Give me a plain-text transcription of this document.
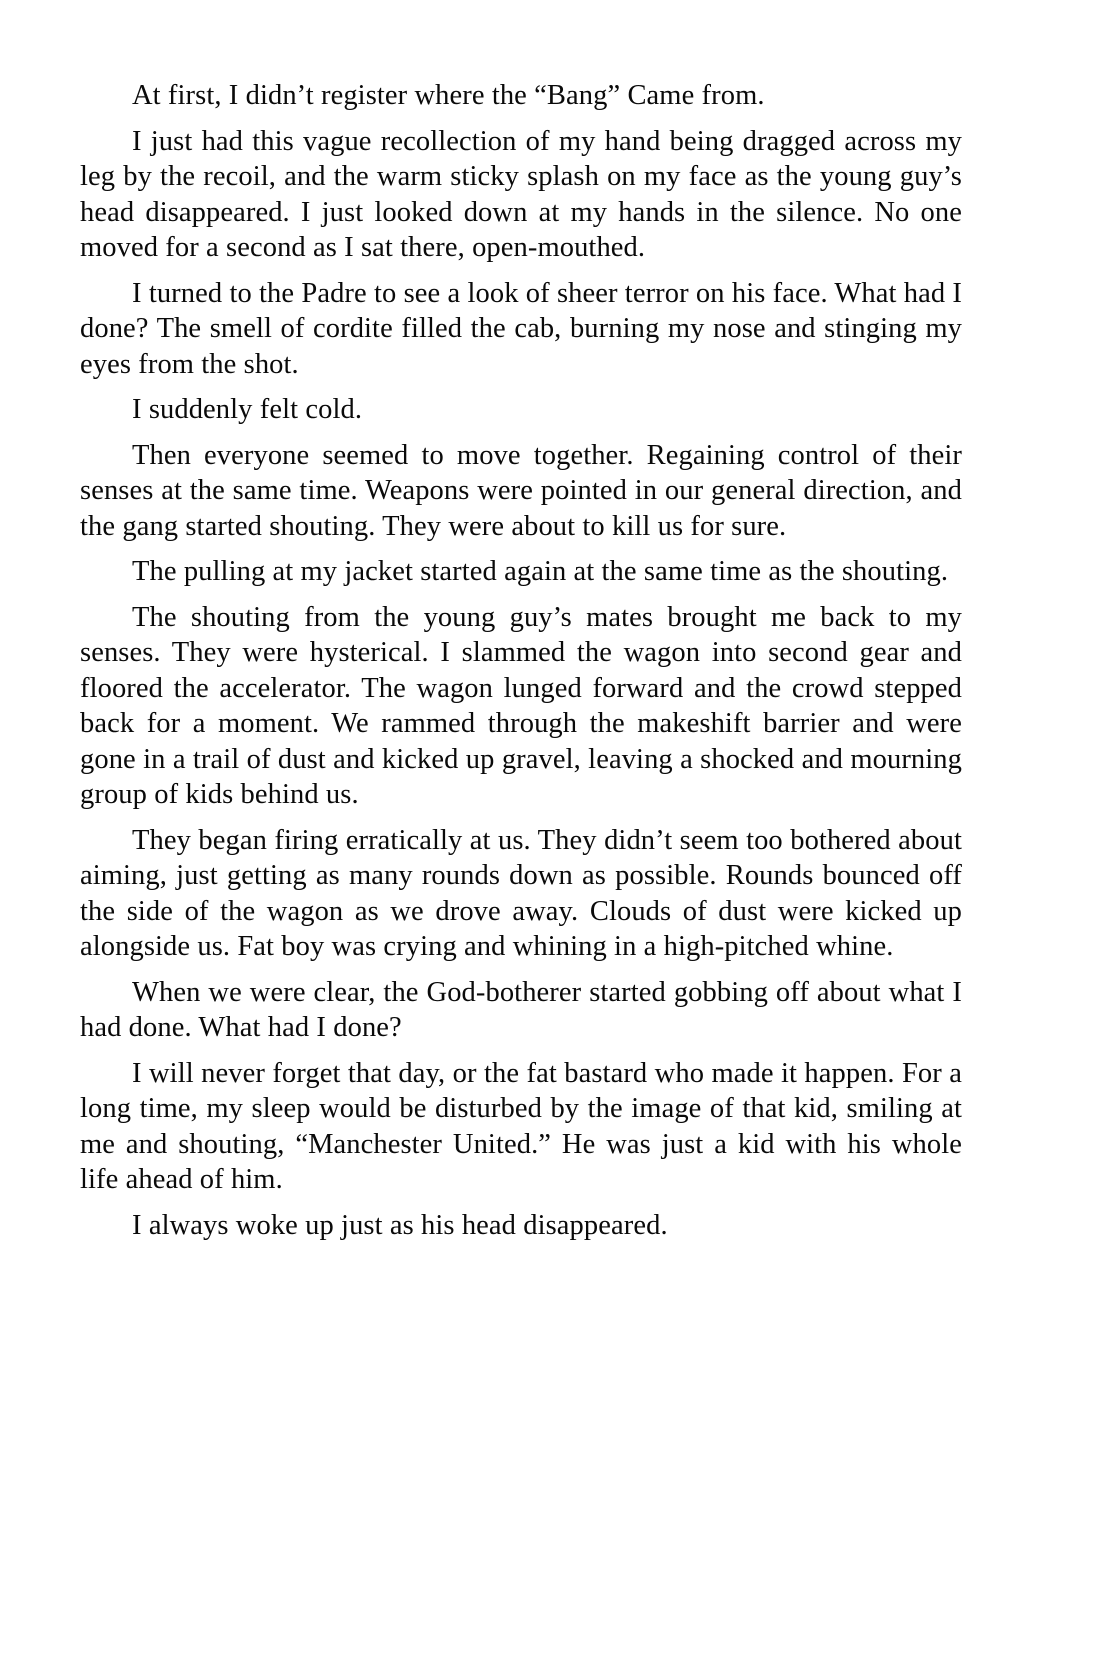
At first, I didn’t register where the “Bang” Came from.

I just had this vague recollection of my hand being dragged across my leg by the recoil, and the warm sticky splash on my face as the young guy’s head disappeared. I just looked down at my hands in the silence. No one moved for a second as I sat there, open-mouthed.

I turned to the Padre to see a look of sheer terror on his face. What had I done? The smell of cordite filled the cab, burning my nose and stinging my eyes from the shot.

I suddenly felt cold.

Then everyone seemed to move together. Regaining control of their senses at the same time. Weapons were pointed in our general direction, and the gang started shouting. They were about to kill us for sure.

The pulling at my jacket started again at the same time as the shouting.

The shouting from the young guy’s mates brought me back to my senses. They were hysterical. I slammed the wagon into second gear and floored the accelerator. The wagon lunged forward and the crowd stepped back for a moment. We rammed through the makeshift barrier and were gone in a trail of dust and kicked up gravel, leaving a shocked and mourning group of kids behind us.

They began firing erratically at us. They didn’t seem too bothered about aiming, just getting as many rounds down as possible. Rounds bounced off the side of the wagon as we drove away. Clouds of dust were kicked up alongside us. Fat boy was crying and whining in a high-pitched whine.

When we were clear, the God-botherer started gobbing off about what I had done. What had I done?

I will never forget that day, or the fat bastard who made it happen. For a long time, my sleep would be disturbed by the image of that kid, smiling at me and shouting, “Manchester United.” He was just a kid with his whole life ahead of him.

I always woke up just as his head disappeared.
